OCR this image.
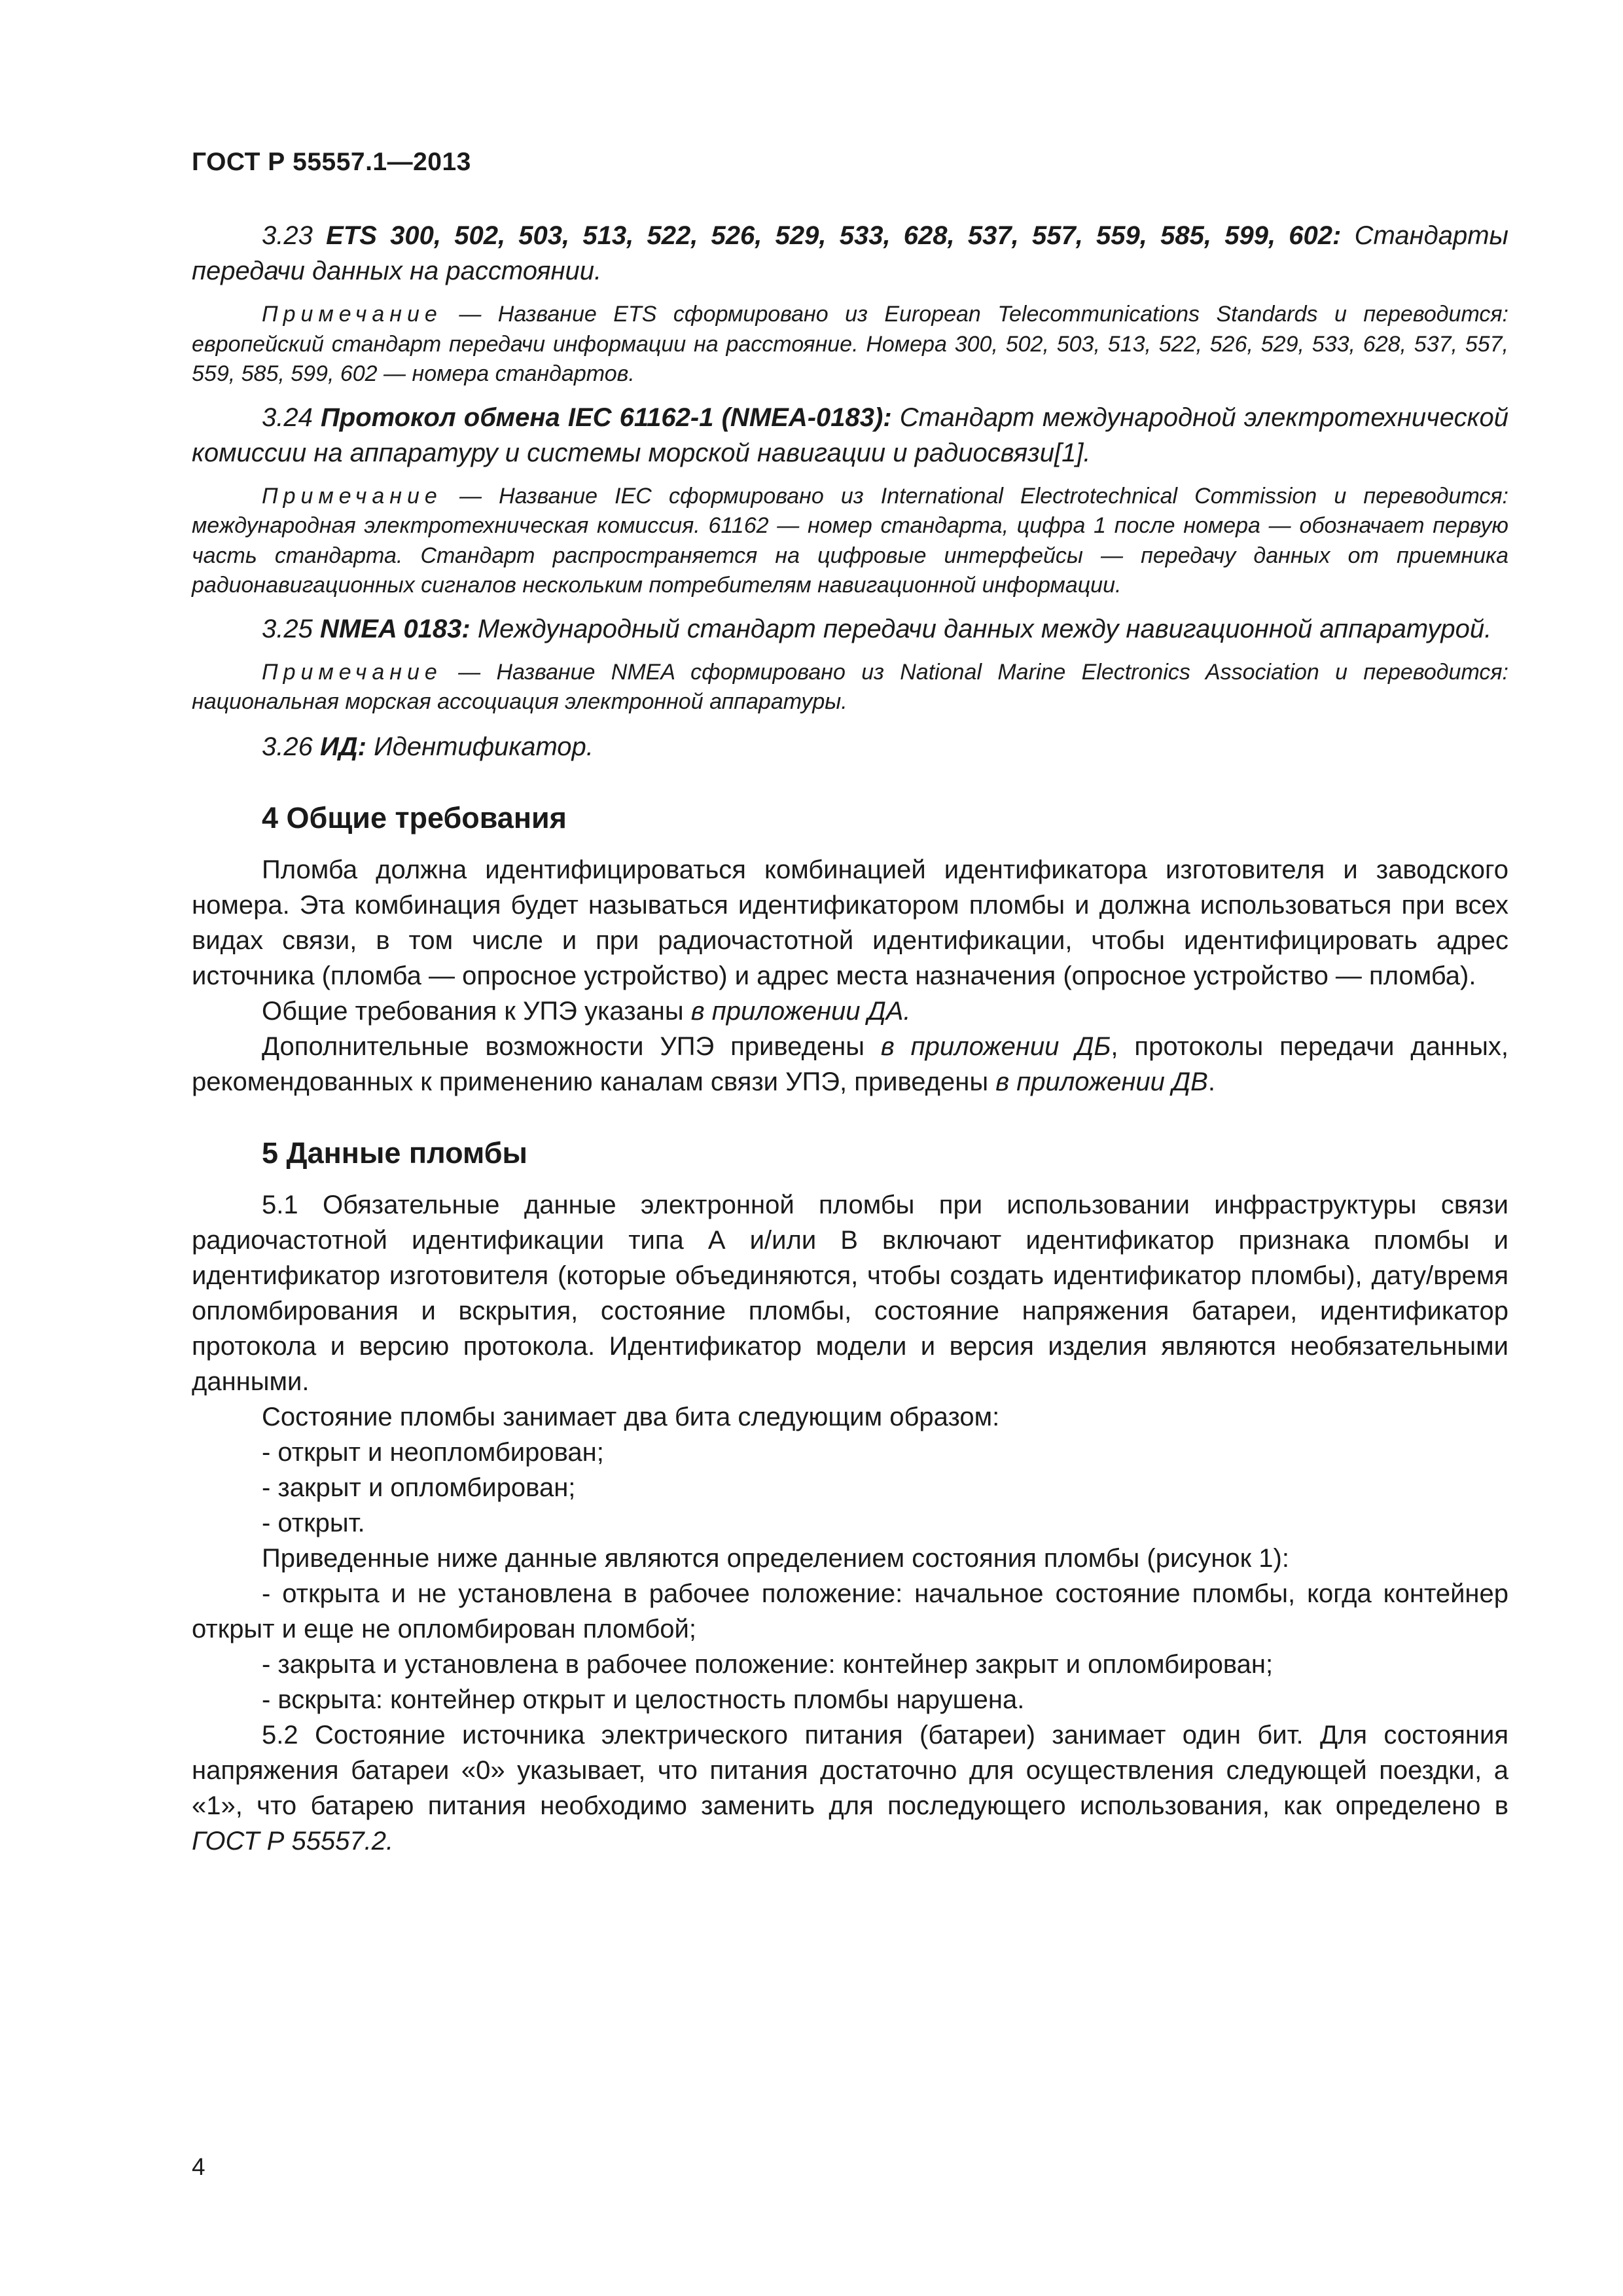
ГОСТ Р 55557.1—2013

3.23 ETS 300, 502, 503, 513, 522, 526, 529, 533, 628, 537, 557, 559, 585, 599, 602: Стандарты передачи данных на расстоянии.

Примечание — Название ETS сформировано из European Telecommunications Standards и переводится: европейский стандарт передачи информации на расстояние. Номера 300, 502, 503, 513, 522, 526, 529, 533, 628, 537, 557, 559, 585, 599, 602 — номера стандартов.

3.24 Протокол обмена IEC 61162-1 (NMEA-0183): Стандарт международной электротехнической комиссии на аппаратуру и системы морской навигации и радиосвязи[1].

Примечание — Название IEC сформировано из International Electrotechnical Commission и переводится: международная электротехническая комиссия. 61162 — номер стандарта, цифра 1 после номера — обозначает первую часть стандарта. Стандарт распространяется на цифровые интерфейсы — передачу данных от приемника радионавигационных сигналов нескольким потребителям навигационной информации.

3.25 NMEA 0183: Международный стандарт передачи данных между навигационной аппаратурой.

Примечание — Название NMEA сформировано из National Marine Electronics Association и переводится: национальная морская ассоциация электронной аппаратуры.

3.26 ИД: Идентификатор.

4 Общие требования

Пломба должна идентифицироваться комбинацией идентификатора изготовителя и заводского номера. Эта комбинация будет называться идентификатором пломбы и должна использоваться при всех видах связи, в том числе и при радиочастотной идентификации, чтобы идентифицировать адрес источника (пломба — опросное устройство) и адрес места назначения (опросное устройство — пломба).

Общие требования к УПЭ указаны в приложении ДА.

Дополнительные возможности УПЭ приведены в приложении ДБ, протоколы передачи данных, рекомендованных к применению каналам связи УПЭ, приведены в приложении ДВ.

5 Данные пломбы

5.1 Обязательные данные электронной пломбы при использовании инфраструктуры связи радиочастотной идентификации типа А и/или В включают идентификатор признака пломбы и идентификатор изготовителя (которые объединяются, чтобы создать идентификатор пломбы), дату/время опломбирования и вскрытия, состояние пломбы, состояние напряжения батареи, идентификатор протокола и версию протокола. Идентификатор модели и версия изделия являются необязательными данными.

Состояние пломбы занимает два бита следующим образом:

- открыт и неопломбирован;

- закрыт и опломбирован;

- открыт.

Приведенные ниже данные являются определением состояния пломбы (рисунок 1):

- открыта и не установлена в рабочее положение: начальное состояние пломбы, когда контейнер открыт и еще не опломбирован пломбой;

- закрыта и установлена в рабочее положение: контейнер закрыт и опломбирован;

- вскрыта: контейнер открыт и целостность пломбы нарушена.

5.2 Состояние источника электрического питания (батареи) занимает один бит. Для состояния напряжения батареи «0» указывает, что питания достаточно для осуществления следующей поездки, а «1», что батарею питания необходимо заменить для последующего использования, как определено в ГОСТ Р 55557.2.

4
